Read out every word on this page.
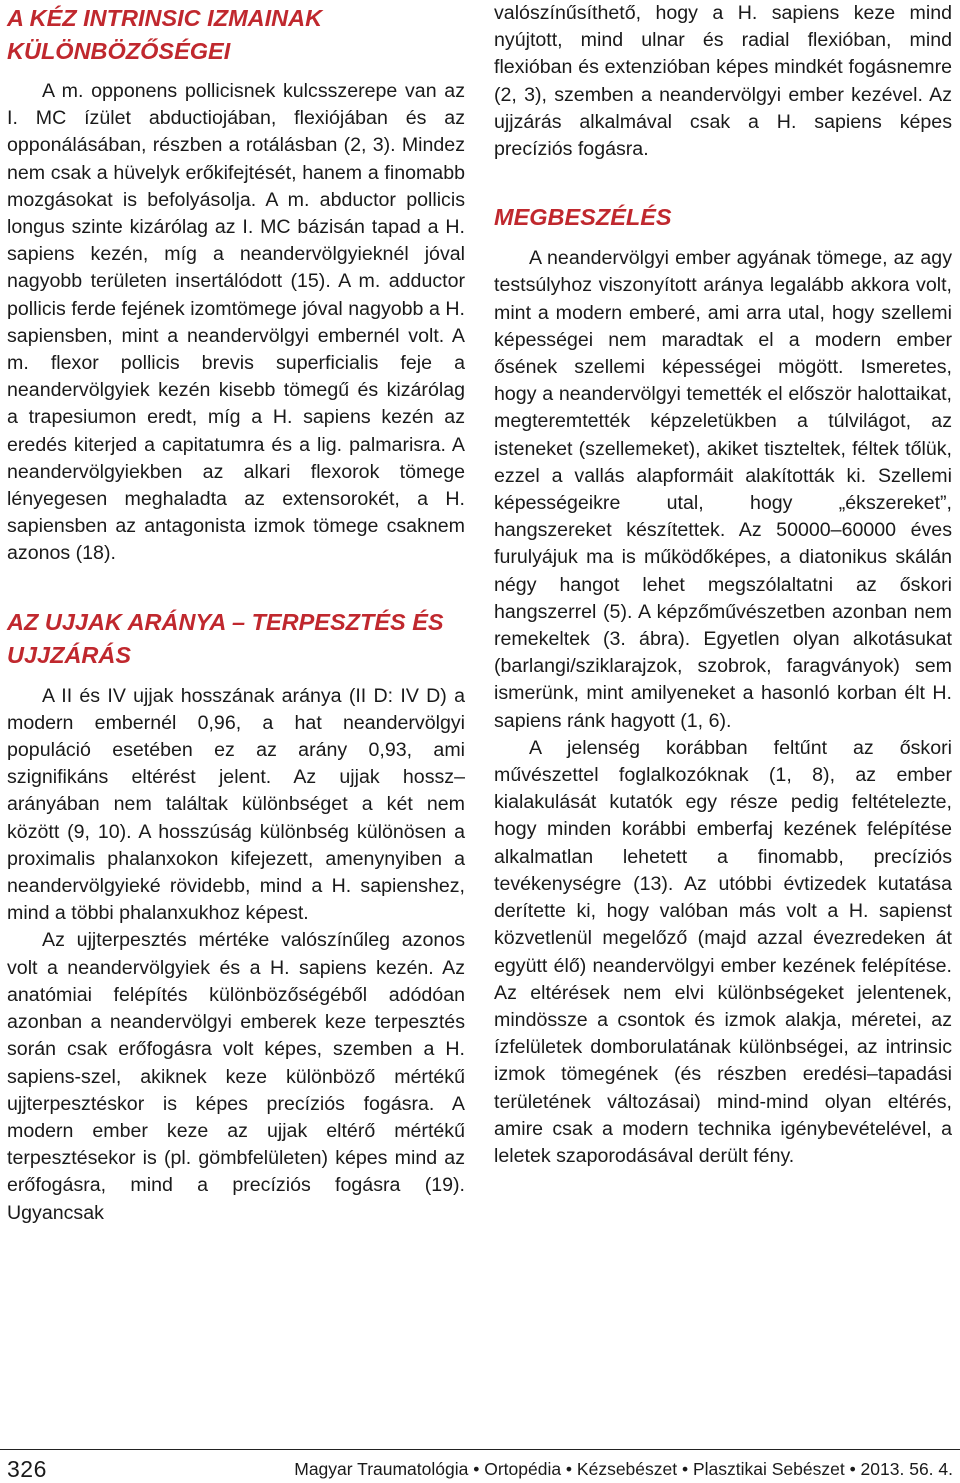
A KÉZ INTRINSIC IZMAINAK KÜLÖNBÖZŐSÉGEI

A m. opponens pollicisnek kulcsszerepe van az I. MC ízület abductiojában, flexiójában és az opponálásában, részben a rotálásban (2, 3). Mindez nem csak a hüvelyk erőkifejtését, hanem a finomabb mozgásokat is befolyásolja. A m. abductor pollicis longus szinte kizárólag az I. MC bázisán tapad a H. sapiens kezén, míg a neandervölgyieknél jóval nagyobb területen insertálódott (15). A m. adductor pollicis ferde fejének izomtömege jóval nagyobb a H. sapiensben, mint a neandervölgyi embernél volt. A m. flexor pollicis brevis superficialis feje a neandervölgyiek kezén kisebb tömegű és kizárólag a trapesiumon eredt, míg a H. sapiens kezén az eredés kiterjed a capitatumra és a lig. palmarisra. A neandervölgyiekben az alkari flexorok tömege lényegesen meghaladta az extensorokét, a H. sapiensben az antagonista izmok tömege csaknem azonos (18).

AZ UJJAK ARÁNYA – TERPESZTÉS ÉS UJJZÁRÁS

A II és IV ujjak hosszának aránya (II D: IV D) a modern embernél 0,96, a hat neandervölgyi populáció esetében ez az arány 0,93, ami szignifikáns eltérést jelent. Az ujjak hossz–arányában nem találtak különbséget a két nem között (9, 10). A hosszúság különbség különösen a proximalis phalanxokon kifejezett, amenynyiben a neandervölgyieké rövidebb, mind a H. sapienshez, mind a többi phalanxukhoz képest.

Az ujjterpesztés mértéke valószínűleg azonos volt a neandervölgyiek és a H. sapiens kezén. Az anatómiai felépítés különbözőségéből adódóan azonban a neandervölgyi emberek keze terpesztés során csak erőfogásra volt képes, szemben a H. sapiens-szel, akiknek keze különböző mértékű ujjterpesztéskor is képes precíziós fogásra. A modern ember keze az ujjak eltérő mértékű terpesztésekor is (pl. gömbfelületen) képes mind az erőfogásra, mind a precíziós fogásra (19). Ugyancsak

valószínűsíthető, hogy a H. sapiens keze mind nyújtott, mind ulnar és radial flexióban, mind flexióban és extenzióban képes mindkét fogásnemre (2, 3), szemben a neandervölgyi ember kezével. Az ujjzárás alkalmával csak a H. sapiens képes precíziós fogásra.

MEGBESZÉLÉS

A neandervölgyi ember agyának tömege, az agy testsúlyhoz viszonyított aránya legalább akkora volt, mint a modern emberé, ami arra utal, hogy szellemi képességei nem maradtak el a modern ember ősének szellemi képességei mögött. Ismeretes, hogy a neandervölgyi temették el először halottaikat, megteremtették képzeletükben a túlvilágot, az isteneket (szellemeket), akiket tiszteltek, féltek tőlük, ezzel a vallás alapformáit alakították ki. Szellemi képességeikre utal, hogy „ékszereket”, hangszereket készítettek. Az 50000–60000 éves furulyájuk ma is működőképes, a diatonikus skálán négy hangot lehet megszólaltatni az őskori hangszerrel (5). A képzőművészetben azonban nem remekeltek (3. ábra). Egyetlen olyan alkotásukat (barlangi/sziklarajzok, szobrok, faragványok) sem ismerünk, mint amilyeneket a hasonló korban élt H. sapiens ránk hagyott (1, 6).

A jelenség korábban feltűnt az őskori művészettel foglalkozóknak (1, 8), az ember kialakulását kutatók egy része pedig feltételezte, hogy minden korábbi emberfaj kezének felépítése alkalmatlan lehetett a finomabb, precíziós tevékenységre (13). Az utóbbi évtizedek kutatása derítette ki, hogy valóban más volt a H. sapienst közvetlenül megelőző (majd azzal évezredeken át együtt élő) neandervölgyi ember kezének felépítése. Az eltérések nem elvi különbségeket jelentenek, mindössze a csontok és izmok alakja, méretei, az ízfelületek domborulatának különbségei, az intrinsic izmok tömegének (és részben eredési–tapadási területének változásai) mind-mind olyan eltérés, amire csak a modern technika igénybevételével, a leletek szaporodásával derült fény.

326	Magyar Traumatológia • Ortopédia • Kézsebészet • Plasztikai Sebészet • 2013. 56. 4.
